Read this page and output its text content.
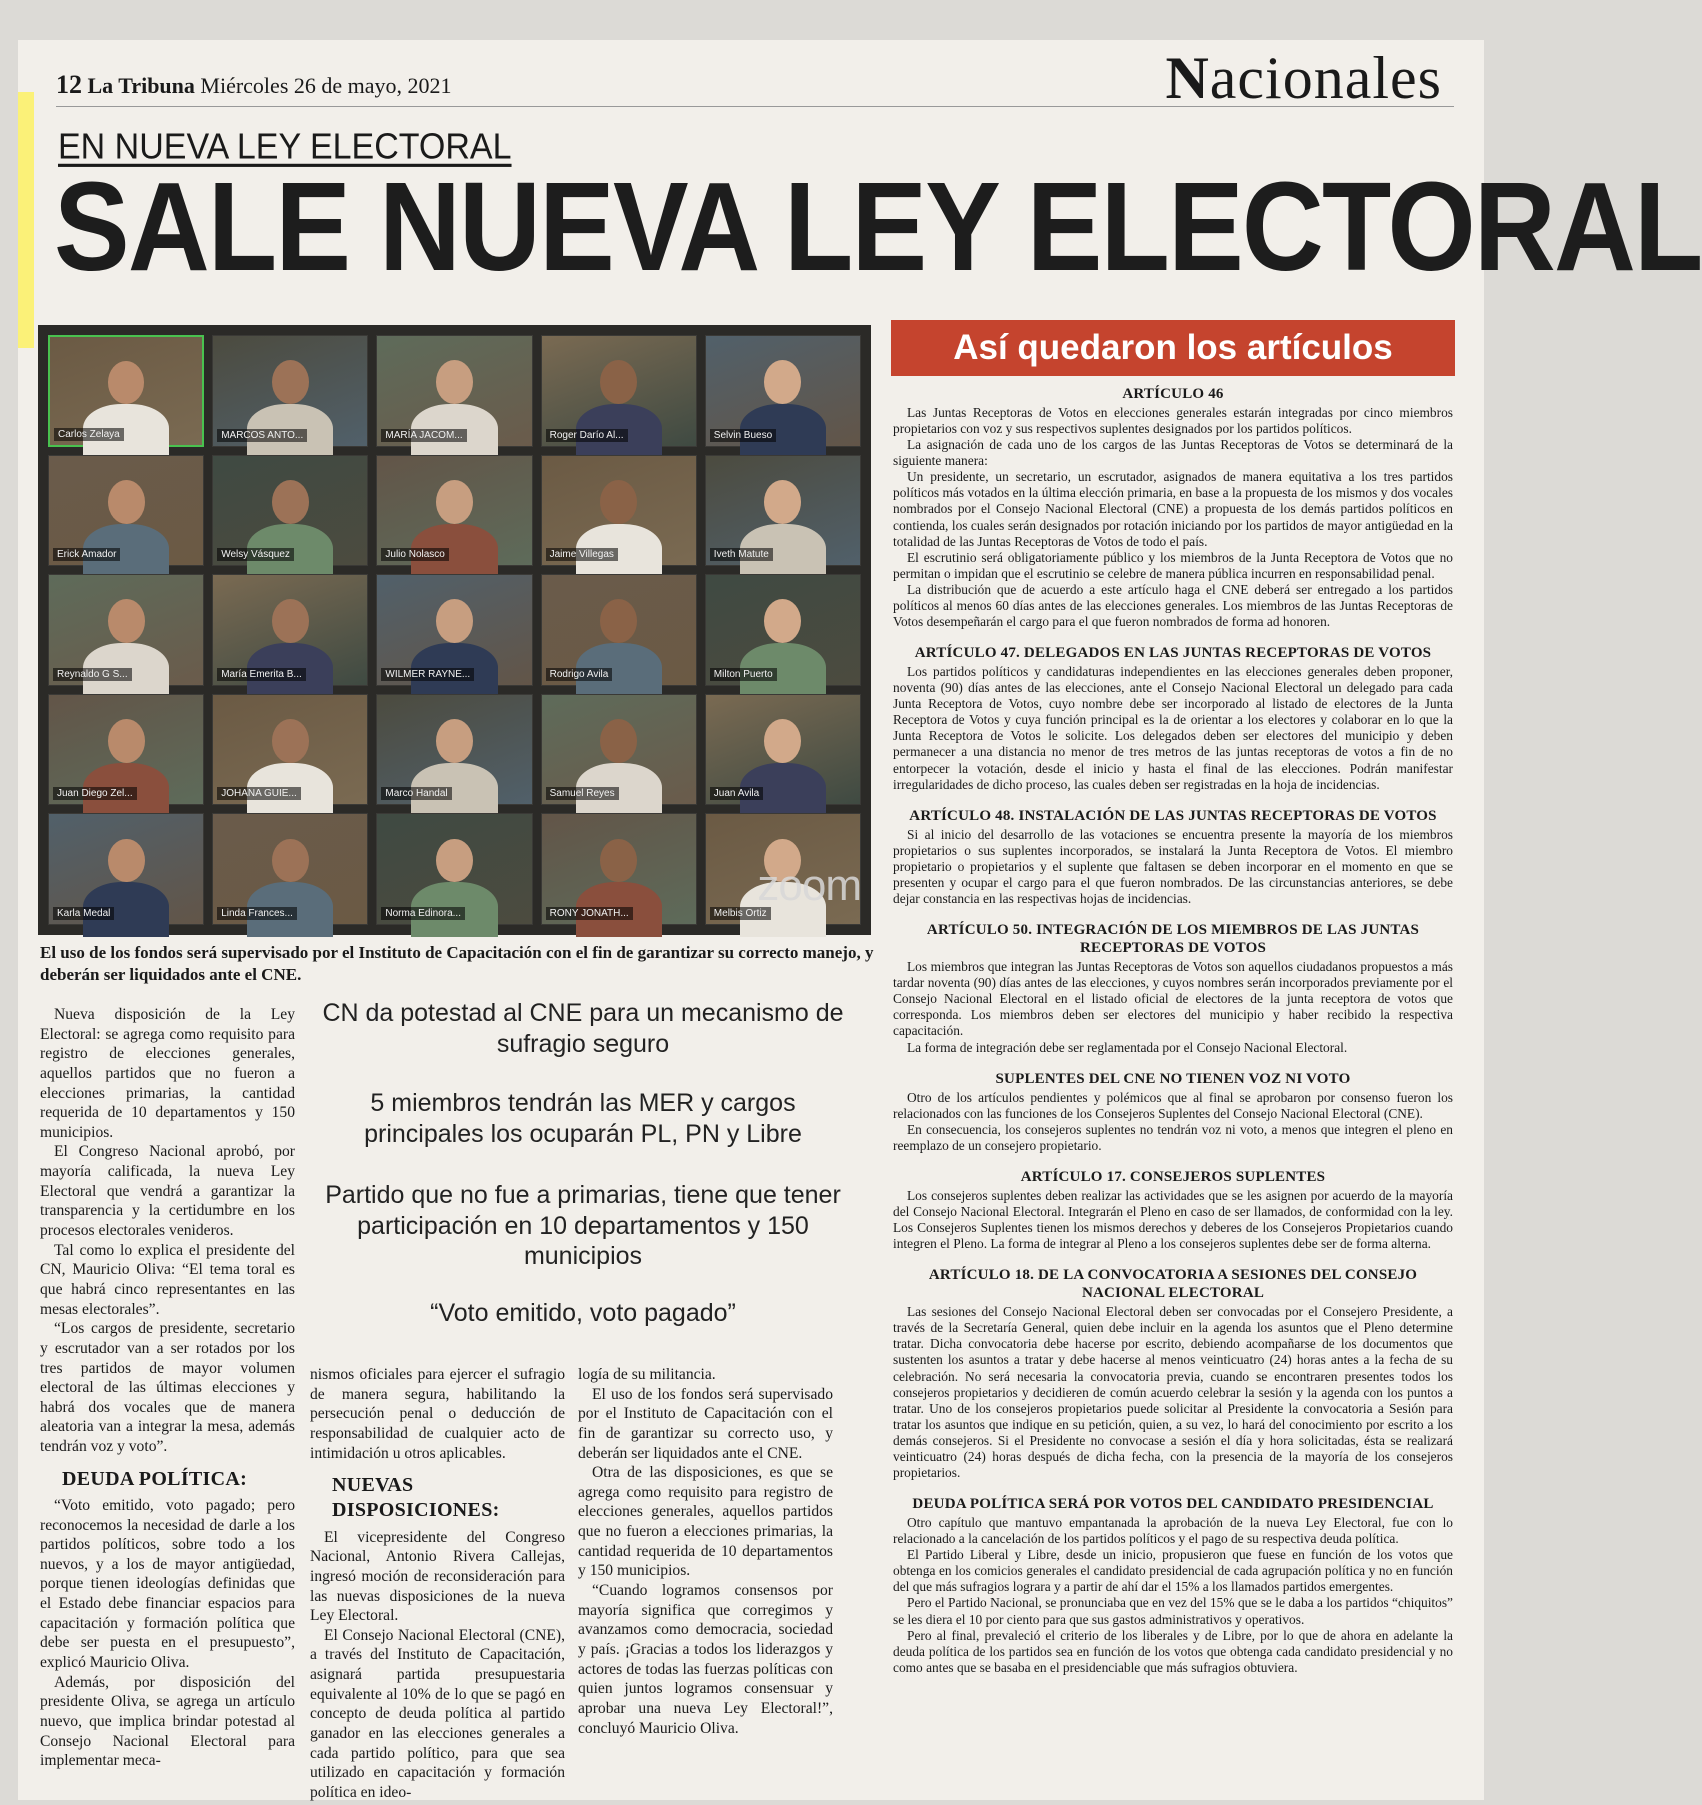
12 La Tribuna Miércoles 26 de mayo, 2021	Nacionales
EN NUEVA LEY ELECTORAL
SALE NUEVA LEY ELECTORAL
Carlos Zelaya	MARCOS ANTO...	MARÍA JACOM...	Roger Darío Al...	Selvin Bueso
Erick Amador	Welsy Vásquez	Julio Nolasco	Jaime Villegas	Iveth Matute
Reynaldo G S...	María Emerita B...	WILMER RAYNE...	Rodrigo Avila	Milton Puerto
Juan Diego Zel...	JOHANA GUIE...	Marco Handal	Samuel Reyes	Juan Avila
Karla Medal	Linda Frances...	Norma Edinora...	RONY JONATH...	Melbis Ortiz
zoom
El uso de los fondos será supervisado por el Instituto de Capacitación con el fin de garantizar su correcto manejo, y deberán ser liquidados ante el CNE.
Así quedaron los artículos
ARTÍCULO 46

Las Juntas Receptoras de Votos en elecciones generales estarán integradas por cinco miembros propietarios con voz y sus respectivos suplentes designados por los partidos políticos.

La asignación de cada uno de los cargos de las Juntas Receptoras de Votos se determinará de la siguiente manera:

Un presidente, un secretario, un escrutador, asignados de manera equitativa a los tres partidos políticos más votados en la última elección primaria, en base a la propuesta de los mismos y dos vocales nombrados por el Consejo Nacional Electoral (CNE) a propuesta de los demás partidos políticos en contienda, los cuales serán designados por rotación iniciando por los partidos de mayor antigüedad en la totalidad de las Juntas Receptoras de Votos de todo el país.

El escrutinio será obligatoriamente público y los miembros de la Junta Receptora de Votos que no permitan o impidan que el escrutinio se celebre de manera pública incurren en responsabilidad penal.

La distribución que de acuerdo a este artículo haga el CNE deberá ser entregado a los partidos políticos al menos 60 días antes de las elecciones generales. Los miembros de las Juntas Receptoras de Votos desempeñarán el cargo para el que fueron nombrados de forma ad honoren.

ARTÍCULO 47. DELEGADOS EN LAS JUNTAS RECEPTORAS DE VOTOS

Los partidos políticos y candidaturas independientes en las elecciones generales deben proponer, noventa (90) días antes de las elecciones, ante el Consejo Nacional Electoral un delegado para cada Junta Receptora de Votos, cuyo nombre debe ser incorporado al listado de electores de la Junta Receptora de Votos y cuya función principal es la de orientar a los electores y colaborar en lo que la Junta Receptora de Votos le solicite. Los delegados deben ser electores del municipio y deben permanecer a una distancia no menor de tres metros de las juntas receptoras de votos a fin de no entorpecer la votación, desde el inicio y hasta el final de las elecciones. Podrán manifestar irregularidades de dicho proceso, las cuales deben ser registradas en la hoja de incidencias.

ARTÍCULO 48. INSTALACIÓN DE LAS JUNTAS RECEPTORAS DE VOTOS

Si al inicio del desarrollo de las votaciones se encuentra presente la mayoría de los miembros propietarios o sus suplentes incorporados, se instalará la Junta Receptora de Votos. El miembro propietario o propietarios y el suplente que faltasen se deben incorporar en el momento en que se presenten y ocupar el cargo para el que fueron nombrados. De las circunstancias anteriores, se debe dejar constancia en las respectivas hojas de incidencias.

ARTÍCULO 50. INTEGRACIÓN DE LOS MIEMBROS DE LAS JUNTAS RECEPTORAS DE VOTOS

Los miembros que integran las Juntas Receptoras de Votos son aquellos ciudadanos propuestos a más tardar noventa (90) días antes de las elecciones, y cuyos nombres serán incorporados previamente por el Consejo Nacional Electoral en el listado oficial de electores de la junta receptora de votos que corresponda. Los miembros deben ser electores del municipio y haber recibido la respectiva capacitación.

La forma de integración debe ser reglamentada por el Consejo Nacional Electoral.

SUPLENTES DEL CNE NO TIENEN VOZ NI VOTO

Otro de los artículos pendientes y polémicos que al final se aprobaron por consenso fueron los relacionados con las funciones de los Consejeros Suplentes del Consejo Nacional Electoral (CNE).

En consecuencia, los consejeros suplentes no tendrán voz ni voto, a menos que integren el pleno en reemplazo de un consejero propietario.

ARTÍCULO 17. CONSEJEROS SUPLENTES

Los consejeros suplentes deben realizar las actividades que se les asignen por acuerdo de la mayoría del Consejo Nacional Electoral. Integrarán el Pleno en caso de ser llamados, de conformidad con la ley. Los Consejeros Suplentes tienen los mismos derechos y deberes de los Consejeros Propietarios cuando integren el Pleno. La forma de integrar al Pleno a los consejeros suplentes debe ser de forma alterna.

ARTÍCULO 18. DE LA CONVOCATORIA A SESIONES DEL CONSEJO NACIONAL ELECTORAL

Las sesiones del Consejo Nacional Electoral deben ser convocadas por el Consejero Presidente, a través de la Secretaría General, quien debe incluir en la agenda los asuntos que el Pleno determine tratar. Dicha convocatoria debe hacerse por escrito, debiendo acompañarse de los documentos que sustenten los asuntos a tratar y debe hacerse al menos veinticuatro (24) horas antes a la fecha de su celebración. No será necesaria la convocatoria previa, cuando se encontraren presentes todos los consejeros propietarios y decidieren de común acuerdo celebrar la sesión y la agenda con los puntos a tratar. Uno de los consejeros propietarios puede solicitar al Presidente la convocatoria a Sesión para tratar los asuntos que indique en su petición, quien, a su vez, lo hará del conocimiento por escrito a los demás consejeros. Si el Presidente no convocase a sesión el día y hora solicitadas, ésta se realizará veinticuatro (24) horas después de dicha fecha, con la presencia de la mayoría de los consejeros propietarios.

DEUDA POLÍTICA SERÁ POR VOTOS DEL CANDIDATO PRESIDENCIAL

Otro capítulo que mantuvo empantanada la aprobación de la nueva Ley Electoral, fue con lo relacionado a la cancelación de los partidos políticos y el pago de su respectiva deuda política.

El Partido Liberal y Libre, desde un inicio, propusieron que fuese en función de los votos que obtenga en los comicios generales el candidato presidencial de cada agrupación política y no en función del que más sufragios lograra y a partir de ahí dar el 15% a los llamados partidos emergentes.

Pero el Partido Nacional, se pronunciaba que en vez del 15% que se le daba a los partidos “chiquitos” se les diera el 10 por ciento para que sus gastos administrativos y operativos.

Pero al final, prevaleció el criterio de los liberales y de Libre, por lo que de ahora en adelante la deuda política de los partidos sea en función de los votos que obtenga cada candidato presidencial y no como antes que se basaba en el presidenciable que más sufragios obtuviera.

CN da potestad al CNE para un mecanismo de sufragio seguro
5 miembros tendrán las MER y cargos principales los ocuparán PL, PN y Libre
Partido que no fue a primarias, tiene que tener participación en 10 departamentos y 150 municipios
“Voto emitido, voto pagado”

Nueva disposición de la Ley Electoral: se agrega como requisito para registro de elecciones generales, aquellos partidos que no fueron a elecciones primarias, la cantidad requerida de 10 departamentos y 150 municipios.

El Congreso Nacional aprobó, por mayoría calificada, la nueva Ley Electoral que vendrá a garantizar la transparencia y la certidumbre en los procesos electorales venideros.

Tal como lo explica el presidente del CN, Mauricio Oliva: “El tema toral es que habrá cinco representantes en las mesas electorales”.

“Los cargos de presidente, secretario y escrutador van a ser rotados por los tres partidos de mayor volumen electoral de las últimas elecciones y habrá dos vocales que de manera aleatoria van a integrar la mesa, además tendrán voz y voto”.

DEUDA POLÍTICA:

“Voto emitido, voto pagado; pero reconocemos la necesidad de darle a los partidos políticos, sobre todo a los nuevos, y a los de mayor antigüedad, porque tienen ideologías definidas que el Estado debe financiar espacios para capacitación y formación política que debe ser puesta en el presupuesto”, explicó Mauricio Oliva.

Además, por disposición del presidente Oliva, se agrega un artículo nuevo, que implica brindar potestad al Consejo Nacional Electoral para implementar meca-

nismos oficiales para ejercer el sufragio de manera segura, habilitando la persecución penal o deducción de responsabilidad de cualquier acto de intimidación u otros aplicables.

NUEVAS DISPOSICIONES:

El vicepresidente del Congreso Nacional, Antonio Rivera Callejas, ingresó moción de reconsideración para las nuevas disposiciones de la nueva Ley Electoral.

El Consejo Nacional Electoral (CNE), a través del Instituto de Capacitación, asignará partida presupuestaria equivalente al 10% de lo que se pagó en concepto de deuda política al partido ganador en las elecciones generales a cada partido político, para que sea utilizado en capacitación y formación política en ideo-

logía de su militancia.

El uso de los fondos será supervisado por el Instituto de Capacitación con el fin de garantizar su correcto uso, y deberán ser liquidados ante el CNE.

Otra de las disposiciones, es que se agrega como requisito para registro de elecciones generales, aquellos partidos que no fueron a elecciones primarias, la cantidad requerida de 10 departamentos y 150 municipios.

“Cuando logramos consensos por mayoría significa que corregimos y avanzamos como democracia, sociedad y país. ¡Gracias a todos los liderazgos y actores de todas las fuerzas políticas con quien juntos logramos consensuar y aprobar una nueva Ley Electoral!”, concluyó Mauricio Oliva.
